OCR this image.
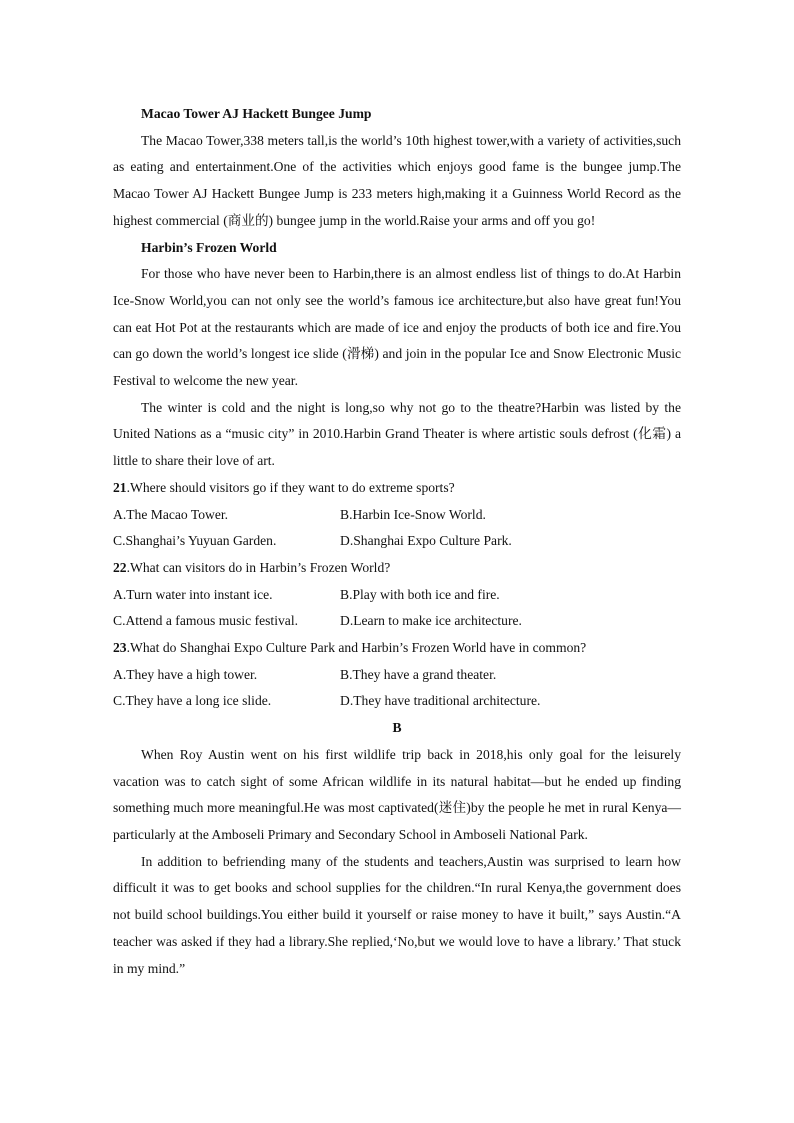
Macao Tower AJ Hackett Bungee Jump

The Macao Tower,338 meters tall,is the world’s 10th highest tower,with a variety of activities,such as eating and entertainment.One of the activities which enjoys good fame is the bungee jump.The Macao Tower AJ Hackett Bungee Jump is 233 meters high,making it a Guinness World Record as the highest commercial (商业的) bungee jump in the world.Raise your arms and off you go!

Harbin’s Frozen World

For those who have never been to Harbin,there is an almost endless list of things to do.At Harbin Ice-Snow World,you can not only see the world’s famous ice architecture,but also have great fun!You can eat Hot Pot at the restaurants which are made of ice and enjoy the products of both ice and fire.You can go down the world’s longest ice slide (滑梯) and join in the popular Ice and Snow Electronic Music Festival to welcome the new year.

The winter is cold and the night is long,so why not go to the theatre?Harbin was listed by the United Nations as a “music city” in 2010.Harbin Grand Theater is where artistic souls defrost (化霜) a little to share their love of art.

21.Where should visitors go if they want to do extreme sports?

A.The Macao Tower.	B.Harbin Ice-Snow World.
C.Shanghai’s Yuyuan Garden.	D.Shanghai Expo Culture Park.

22.What can visitors do in Harbin’s Frozen World?

A.Turn water into instant ice.	B.Play with both ice and fire.
C.Attend a famous music festival.	D.Learn to make ice architecture.

23.What do Shanghai Expo Culture Park and Harbin’s Frozen World have in common?

A.They have a high tower.	B.They have a grand theater.
C.They have a long ice slide.	D.They have traditional architecture.

B

When Roy Austin went on his first wildlife trip back in 2018,his only goal for the leisurely vacation was to catch sight of some African wildlife in its natural habitat—but he ended up finding something much more meaningful.He was most captivated(迷住)by the people he met in rural Kenya—particularly at the Amboseli Primary and Secondary School in Amboseli National Park.

In addition to befriending many of the students and teachers,Austin was surprised to learn how difficult it was to get books and school supplies for the children.“In rural Kenya,the government does not build school buildings.You either build it yourself or raise money to have it built,” says Austin.“A teacher was asked if they had a library.She replied,‘No,but we would love to have a library.’ That stuck in my mind.”
